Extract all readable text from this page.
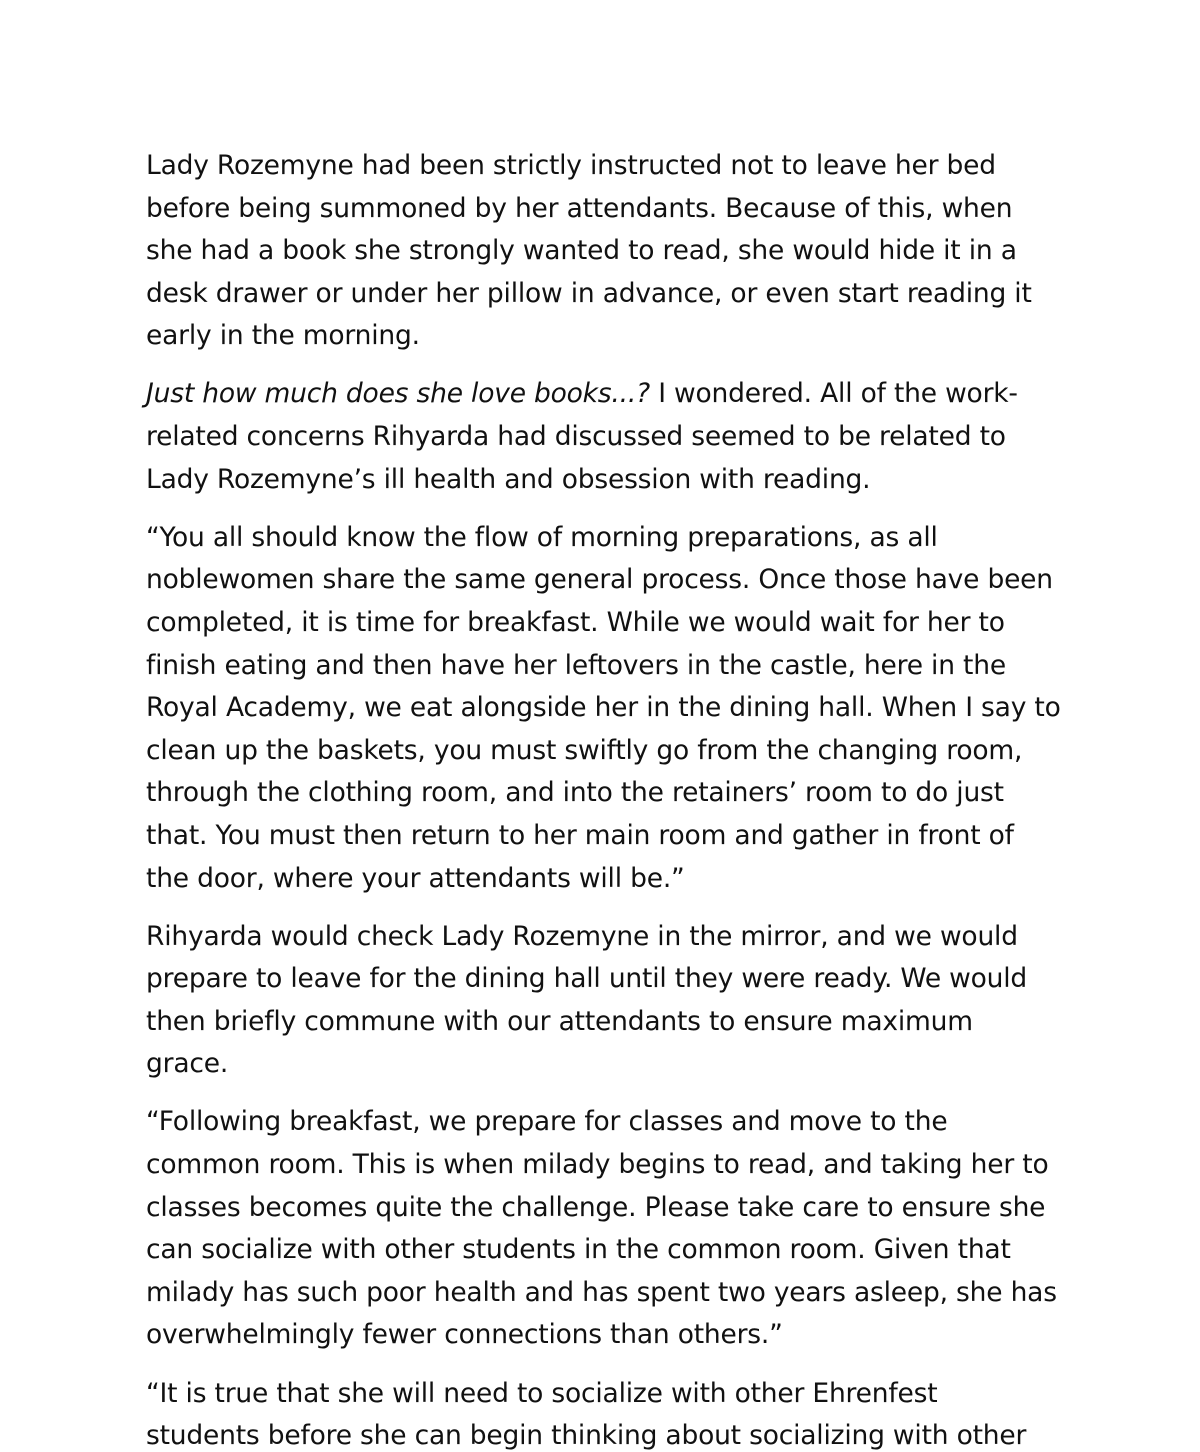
Lady Rozemyne had been strictly instructed not to leave her bed
before being summoned by her attendants. Because of this, when
she had a book she strongly wanted to read, she would hide it in a
desk drawer or under her pillow in advance, or even start reading it
early in the morning.

Just how much does she love books...? I wondered. All of the work-
related concerns Rihyarda had discussed seemed to be related to
Lady Rozemyne’s ill health and obsession with reading.

“You all should know the flow of morning preparations, as all
noblewomen share the same general process. Once those have been
completed, it is time for breakfast. While we would wait for her to
finish eating and then have her leftovers in the castle, here in the
Royal Academy, we eat alongside her in the dining hall. When I say to
clean up the baskets, you must swiftly go from the changing room,
through the clothing room, and into the retainers’ room to do just
that. You must then return to her main room and gather in front of
the door, where your attendants will be.”

Rihyarda would check Lady Rozemyne in the mirror, and we would
prepare to leave for the dining hall until they were ready. We would
then briefly commune with our attendants to ensure maximum
grace.

“Following breakfast, we prepare for classes and move to the
common room. This is when milady begins to read, and taking her to
classes becomes quite the challenge. Please take care to ensure she
can socialize with other students in the common room. Given that
milady has such poor health and has spent two years asleep, she has
overwhelmingly fewer connections than others.”

“It is true that she will need to socialize with other Ehrenfest
students before she can begin thinking about socializing with other
